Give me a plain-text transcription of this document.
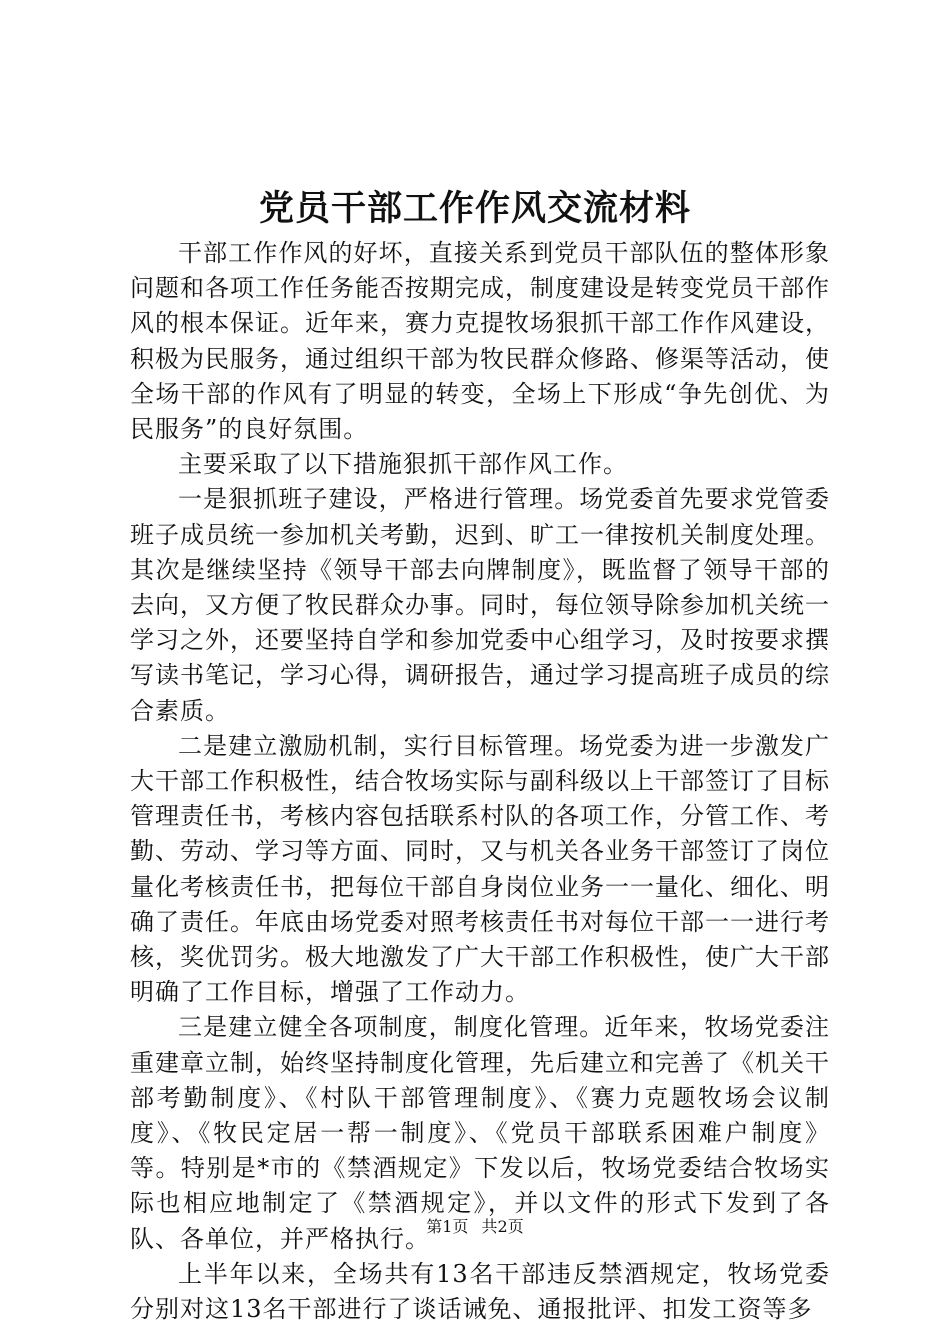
党员干部工作作风交流材料

干部工作作风的好坏，直接关系到党员干部队伍的整体形象问题和各项工作任务能否按期完成，制度建设是转变党员干部作风的根本保证。近年来，赛力克提牧场狠抓干部工作作风建设，积极为民服务，通过组织干部为牧民群众修路、修渠等活动，使全场干部的作风有了明显的转变，全场上下形成“争先创优、为民服务”的良好氛围。

主要采取了以下措施狠抓干部作风工作。

一是狠抓班子建设，严格进行管理。场党委首先要求党管委班子成员统一参加机关考勤，迟到、旷工一律按机关制度处理。其次是继续坚持《领导干部去向牌制度》，既监督了领导干部的去向，又方便了牧民群众办事。同时，每位领导除参加机关统一学习之外，还要坚持自学和参加党委中心组学习，及时按要求撰写读书笔记，学习心得，调研报告，通过学习提高班子成员的综合素质。

二是建立激励机制，实行目标管理。场党委为进一步激发广大干部工作积极性，结合牧场实际与副科级以上干部签订了目标管理责任书，考核内容包括联系村队的各项工作，分管工作、考勤、劳动、学习等方面、同时，又与机关各业务干部签订了岗位量化考核责任书，把每位干部自身岗位业务一一量化、细化、明确了责任。年底由场党委对照考核责任书对每位干部一一进行考核，奖优罚劣。极大地激发了广大干部工作积极性，使广大干部明确了工作目标，增强了工作动力。

三是建立健全各项制度，制度化管理。近年来，牧场党委注重建章立制，始终坚持制度化管理，先后建立和完善了《机关干部考勤制度》、《村队干部管理制度》、《赛力克题牧场会议制度》、《牧民定居一帮一制度》、《党员干部联系困难户制度》等。特别是*市的《禁酒规定》下发以后，牧场党委结合牧场实际也相应地制定了《禁酒规定》，并以文件的形式下发到了各队、各单位，并严格执行。

上半年以来，全场共有13名干部违反禁酒规定，牧场党委分别对这13名干部进行了谈话诫免、通报批评、扣发工资等多

第1页 共2页
